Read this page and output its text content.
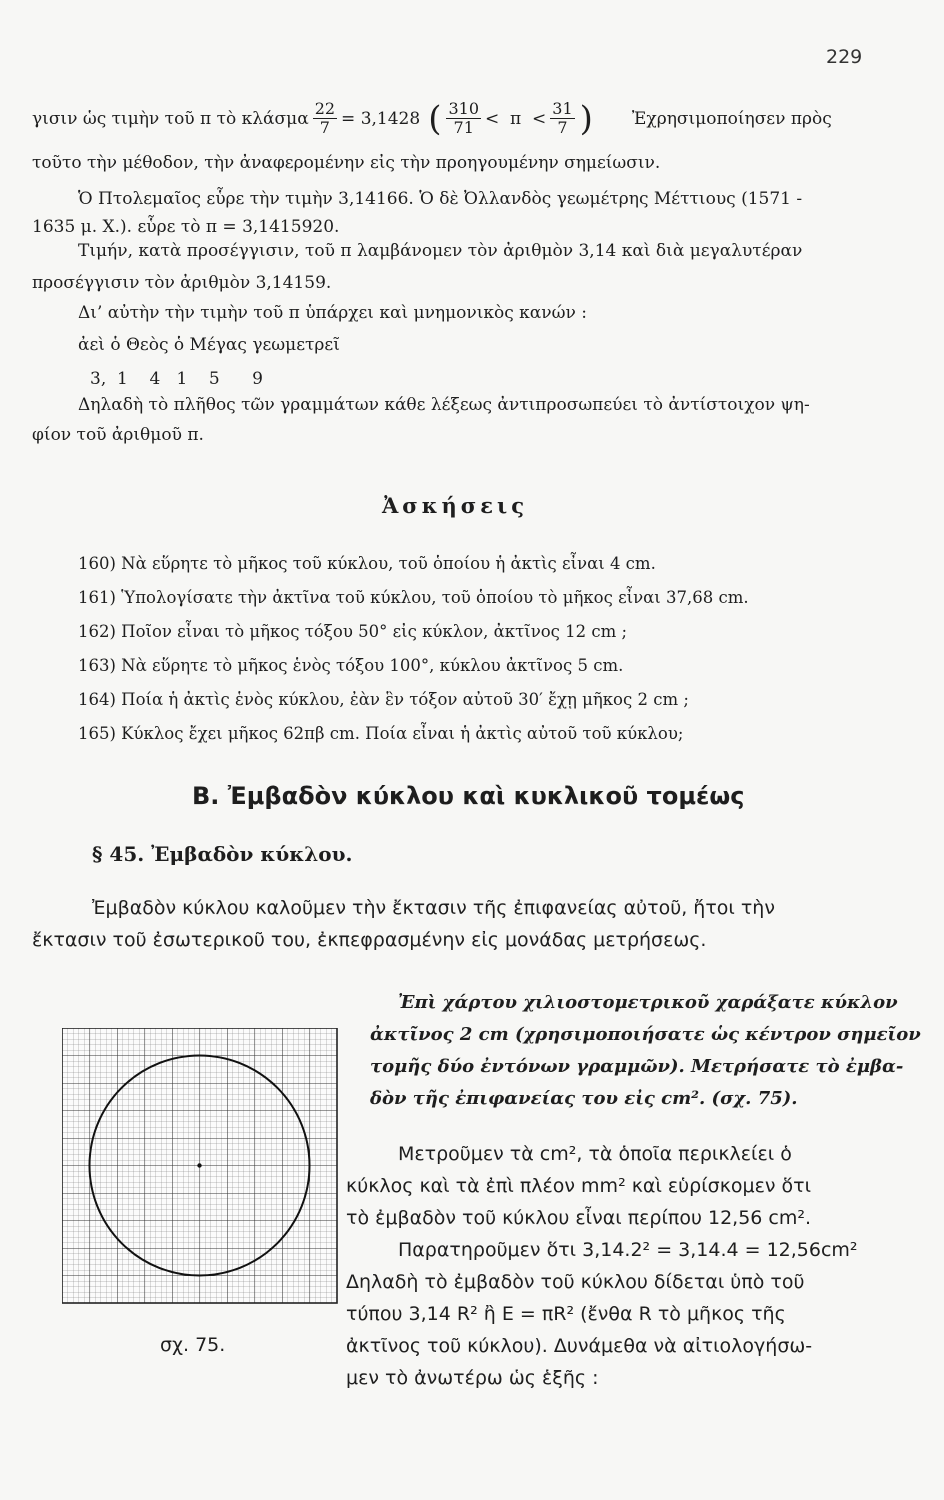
229
γισιν ὡς τιμὴν τοῦ π τὸ κλάσμα $\frac{22}{7} = 3,1428$ ( $\frac{310}{71} < \pi < \frac{31}{7}$ ) Ἐχρησιμοποίησεν πρὸς
τοῦτο τὴν μέθοδον, τὴν ἀναφερομένην εἰς τὴν προηγουμένην σημείωσιν.
Ὁ Πτολεμαῖος εὗρε τὴν τιμὴν 3,14166. Ὁ δὲ Ὀλλανδὸς γεωμέτρης Μέττιους (1571 -
1635 μ. Χ.). εὗρε τὸ π = 3,1415920.
Τιμήν, κατὰ προσέγγισιν, τοῦ π λαμβάνομεν τὸν ἀριθμὸν 3,14 καὶ διὰ μεγαλυτέραν
προσέγγισιν τὸν ἀριθμὸν 3,14159.
Δι’ αὐτὴν τὴν τιμὴν τοῦ π ὑπάρχει καὶ μνημονικὸς κανών :
ἀεὶ ὁ Θεὸς ὁ Μέγας γεωμετρεῖ
3,  1    4   1    5      9
Δηλαδὴ τὸ πλῆθος τῶν γραμμάτων κάθε λέξεως ἀντιπροσωπεύει τὸ ἀντίστοιχον ψη-
φίον τοῦ ἀριθμοῦ π.
Ἀσκήσεις
160) Νὰ εὕρητε τὸ μῆκος τοῦ κύκλου, τοῦ ὁποίου ἡ ἀκτὶς εἶναι 4 cm.
161) Ὑπολογίσατε τὴν ἀκτῖνα τοῦ κύκλου, τοῦ ὁποίου τὸ μῆκος εἶναι 37,68 cm.
162) Ποῖον εἶναι τὸ μῆκος τόξου 50° εἰς κύκλον, ἀκτῖνος 12 cm ;
163) Νὰ εὕρητε τὸ μῆκος ἑνὸς τόξου 100°, κύκλου ἀκτῖνος 5 cm.
164) Ποία ἡ ἀκτὶς ἑνὸς κύκλου, ἐὰν ἓν τόξον αὐτοῦ 30′ ἔχῃ μῆκος 2 cm ;
165) Κύκλος ἔχει μῆκος 62πβ cm. Ποία εἶναι ἡ ἀκτὶς αὐτοῦ τοῦ κύκλου;
Β. Ἐμβαδὸν κύκλου καὶ κυκλικοῦ τομέως
§ 45. Ἐμβαδὸν κύκλου.
Ἐμβαδὸν κύκλου καλοῦμεν τὴν ἔκτασιν τῆς ἐπιφανείας αὐτοῦ, ἤτοι τὴν
ἔκτασιν τοῦ ἐσωτερικοῦ του, ἐκπεφρασμένην εἰς μονάδας μετρήσεως.
Ἐπὶ χάρτου χιλιοστομετρικοῦ χαράξατε κύκλον
ἀκτῖνος 2 cm (χρησιμοποιήσατε ὡς κέντρον σημεῖον
τομῆς δύο ἐντόνων γραμμῶν). Μετρήσατε τὸ ἐμβα-
δὸν τῆς ἐπιφανείας του εἰς cm². (σχ. 75).
Μετροῦμεν τὰ cm², τὰ ὁποῖα περικλείει ὁ
κύκλος καὶ τὰ ἐπὶ πλέον mm² καὶ εὑρίσκομεν ὅτι
τὸ ἐμβαδὸν τοῦ κύκλου εἶναι περίπου 12,56 cm².
Παρατηροῦμεν ὅτι 3,14.2² = 3,14.4 = 12,56cm²
Δηλαδὴ τὸ ἐμβαδὸν τοῦ κύκλου δίδεται ὑπὸ τοῦ
τύπου 3,14 R² ἢ Ε = πR² (ἔνθα R τὸ μῆκος τῆς
ἀκτῖνος τοῦ κύκλου). Δυνάμεθα νὰ αἰτιολογήσω-
μεν τὸ ἀνωτέρω ὡς ἑξῆς :
σχ. 75.
